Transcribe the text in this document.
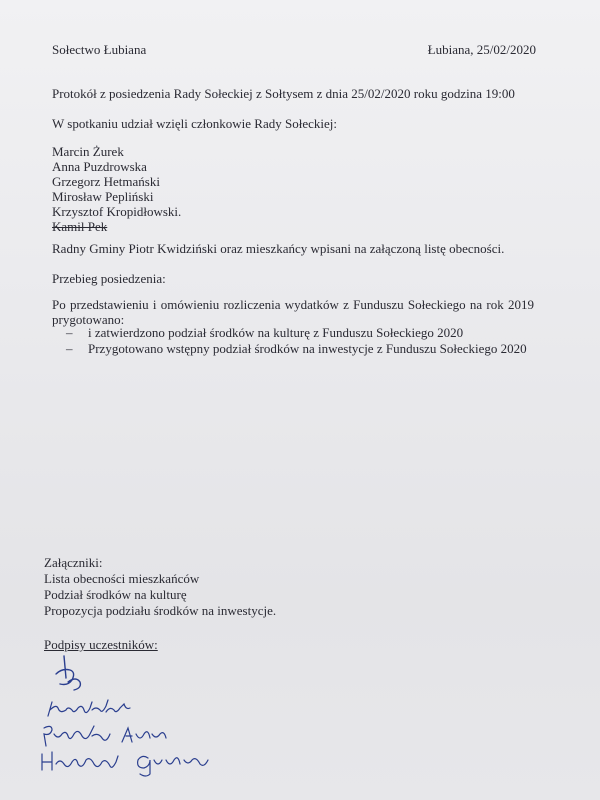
Sołectwo Łubiana	Łubiana, 25/02/2020
Protokół z posiedzenia Rady Sołeckiej z Sołtysem z dnia 25/02/2020 roku godzina 19:00
W spotkaniu udział wzięli członkowie Rady Sołeckiej:
Marcin Żurek
Anna Puzdrowska
Grzegorz Hetmański
Mirosław Pepliński
Krzysztof Kropidłowski.
Kamil Pek
Radny Gminy Piotr Kwidziński oraz mieszkańcy wpisani na załączoną listę obecności.
Przebieg posiedzenia:
Po przedstawieniu i omówieniu rozliczenia wydatków z Funduszu Sołeckiego na rok 2019 prygotowano:
–	i zatwierdzono podział środków na kulturę z Funduszu Sołeckiego 2020
–	Przygotowano wstępny podział środków na inwestycje z Funduszu Sołeckiego 2020
Załączniki:
Lista obecności mieszkańców
Podział środków na kulturę
Propozycja podziału środków na inwestycje.
Podpisy uczestników:
